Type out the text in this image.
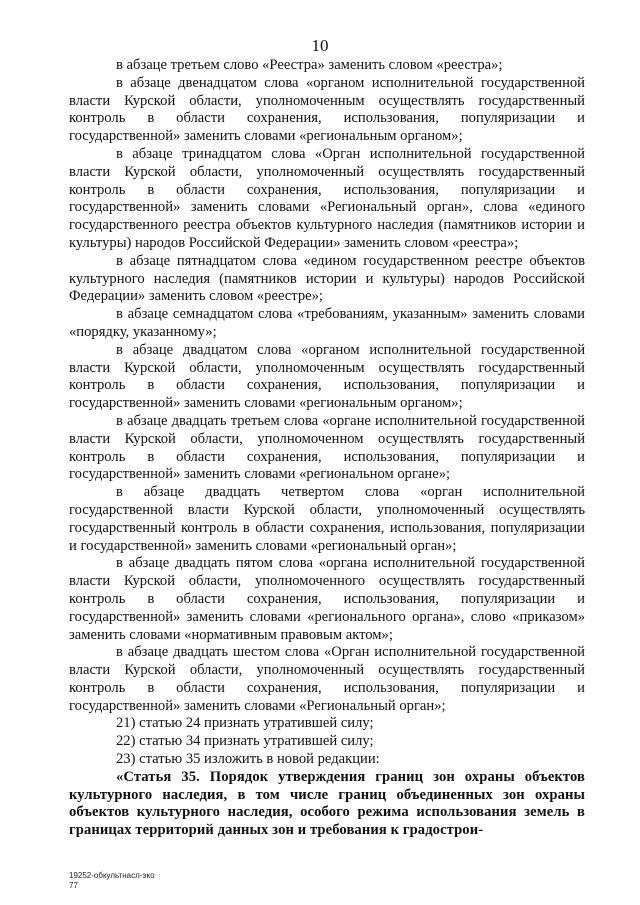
10

в абзаце третьем слово «Реестра» заменить словом «реестра»;

в абзаце двенадцатом слова «органом исполнительной государственной власти Курской области, уполномоченным осуществлять государственный контроль в области сохранения, использования, популяризации и государственной» заменить словами «региональным органом»;

в абзаце тринадцатом слова «Орган исполнительной государственной власти Курской области, уполномоченный осуществлять государственный контроль в области сохранения, использования, популяризации и государственной» заменить словами «Региональный орган», слова «единого государственного реестра объектов культурного наследия (памятников истории и культуры) народов Российской Федерации» заменить словом «реестра»;

в абзаце пятнадцатом слова «едином государственном реестре объектов культурного наследия (памятников истории и культуры) народов Российской Федерации» заменить словом «реестре»;

в абзаце семнадцатом слова «требованиям, указанным» заменить словами «порядку, указанному»;

в абзаце двадцатом слова «органом исполнительной государственной власти Курской области, уполномоченным осуществлять государственный контроль в области сохранения, использования, популяризации и государственной» заменить словами «региональным органом»;

в абзаце двадцать третьем слова «органе исполнительной государственной власти Курской области, уполномоченном осуществлять государственный контроль в области сохранения, использования, популяризации и государственной» заменить словами «региональном органе»;

в абзаце двадцать четвертом слова «орган исполнительной государственной власти Курской области, уполномоченный осуществлять государственный контроль в области сохранения, использования, популяризации и государственной» заменить словами «региональный орган»;

в абзаце двадцать пятом слова «органа исполнительной государственной власти Курской области, уполномоченного осуществлять государственный контроль в области сохранения, использования, популяризации и государственной» заменить словами «регионального органа», слово «приказом» заменить словами «нормативным правовым актом»;

в абзаце двадцать шестом слова «Орган исполнительной государственной власти Курской области, уполномоченный осуществлять государственный контроль в области сохранения, использования, популяризации и государственной» заменить словами «Региональный орган»;

21) статью 24 признать утратившей силу;

22) статью 34 признать утратившей силу;

23) статью 35 изложить в новой редакции:

«Статья 35. Порядок утверждения границ зон охраны объектов культурного наследия, в том числе границ объединенных зон охраны объектов культурного наследия, особого режима использования земель в границах территорий данных зон и требования к градострои-

19252-обкультнасл-эко
77
